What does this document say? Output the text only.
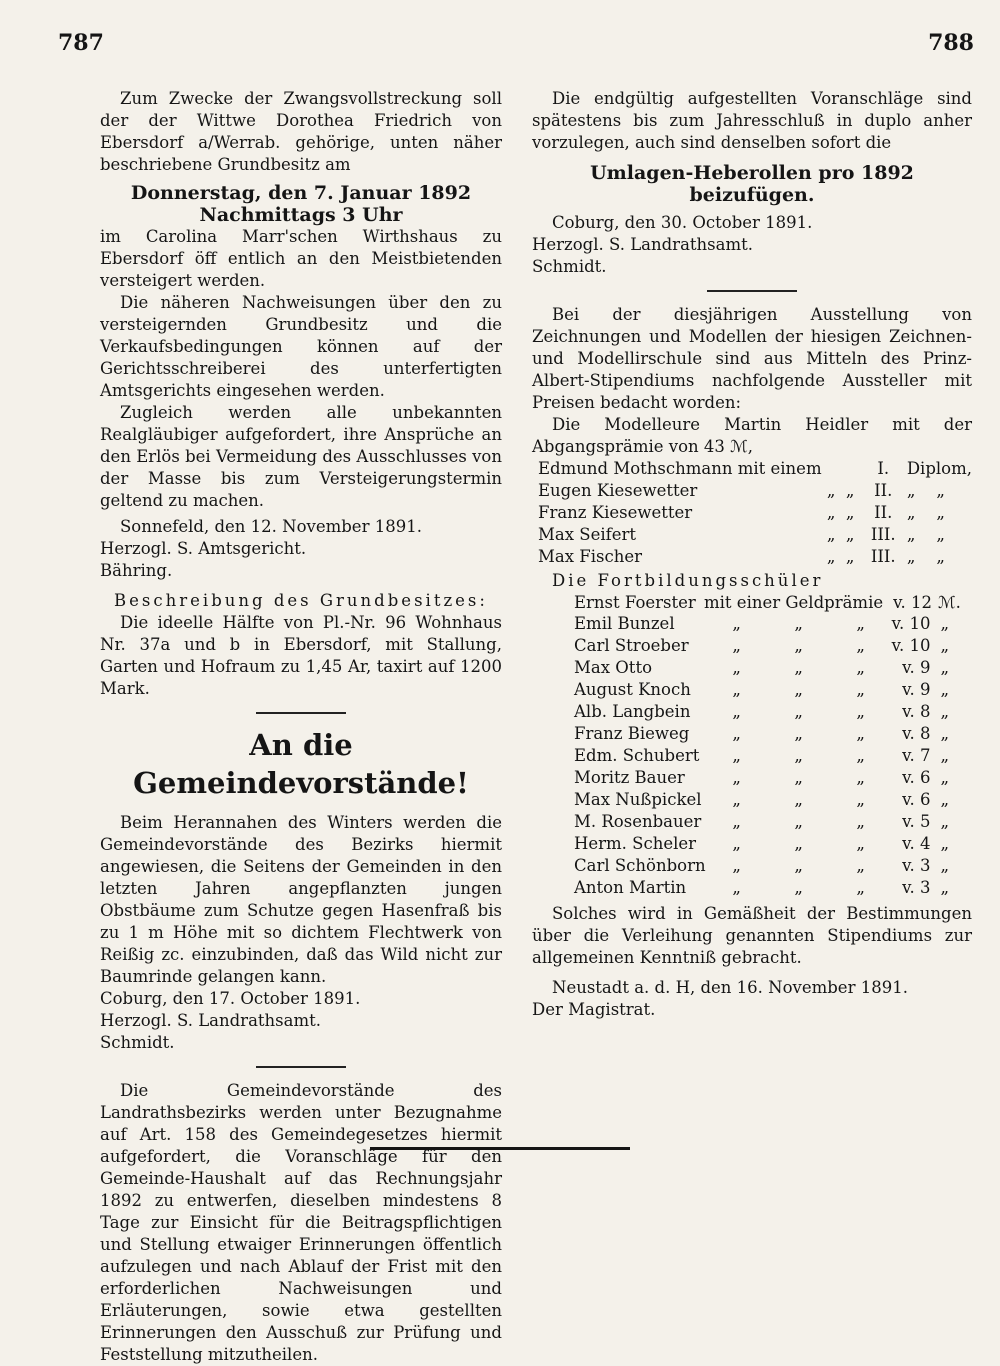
787	788

Zum Zwecke der Zwangsvollstreckung soll der der Wittwe Dorothea Friedrich von Ebersdorf a/Werrab. gehörige, unten näher beschriebene Grundbesitz am

Donnerstag, den 7. Januar 1892

Nachmittags 3 Uhr

im Carolina Marr'schen Wirthshaus zu Ebersdorf öff entlich an den Meistbietenden versteigert werden.

Die näheren Nachweisungen über den zu versteigernden Grundbesitz und die Verkaufsbedingungen können auf der Gerichtsschreiberei des unterfertigten Amtsgerichts eingesehen werden.

Zugleich werden alle unbekannten Realgläubiger aufgefordert, ihre Ansprüche an den Erlös bei Vermeidung des Ausschlusses von der Masse bis zum Versteigerungstermin geltend zu machen.

Sonnefeld, den 12. November 1891.

Herzogl. S. Amtsgericht.

Bähring.

Beschreibung des Grundbesitzes:

Die ideelle Hälfte von Pl.-Nr. 96 Wohnhaus Nr. 37a und b in Ebersdorf, mit Stallung, Garten und Hofraum zu 1,45 Ar, taxirt auf 1200 Mark.

An die Gemeindevorstände!

Beim Herannahen des Winters werden die Gemeindevorstände des Bezirks hiermit angewiesen, die Seitens der Gemeinden in den letzten Jahren angepflanzten jungen Obstbäume zum Schutze gegen Hasenfraß bis zu 1 m Höhe mit so dichtem Flechtwerk von Reißig zc. einzubinden, daß das Wild nicht zur Baumrinde gelangen kann.

Coburg, den 17. October 1891.

Herzogl. S. Landrathsamt.

Schmidt.

Die Gemeindevorstände des Landrathsbezirks werden unter Bezugnahme auf Art. 158 des Gemeindegesetzes hiermit aufgefordert, die Voranschläge für den Gemeinde-Haushalt auf das Rechnungsjahr 1892 zu entwerfen, dieselben mindestens 8 Tage zur Einsicht für die Beitragspflichtigen und Stellung etwaiger Erinnerungen öffentlich aufzulegen und nach Ablauf der Frist mit den erforderlichen Nachweisungen und Erläuterungen, sowie etwa gestellten Erinnerungen den Ausschuß zur Prüfung und Feststellung mitzutheilen.

Die endgültig aufgestellten Voranschläge sind spätestens bis zum Jahresschluß in duplo anher vorzulegen, auch sind denselben sofort die

Umlagen-Heberollen pro 1892 beizufügen.

Coburg, den 30. October 1891.

Herzogl. S. Landrathsamt.

Schmidt.

Bei der diesjährigen Ausstellung von Zeichnungen und Modellen der hiesigen Zeichnen- und Modellirschule sind aus Mitteln des Prinz-Albert-Stipendiums nachfolgende Aussteller mit Preisen bedacht worden:

Die Modelleure Martin Heidler mit der Abgangsprämie von 43 ℳ,

Edmund Mothschmann mit einem			I.	Diplom,
Eugen Kiesewetter	„	„	II.	„ „
Franz Kiesewetter	„	„	II.	„ „
Max Seifert	„	„	III.	„ „
Max Fischer	„	„	III.	„ „

Die Fortbildungsschüler

Ernst Foerster mit einer Geldprämie v. 12 ℳ.
Emil Bunzel	„	„	„	v. 10	„
Carl Stroeber	„	„	„	v. 10	„
Max Otto	„	„	„	v. 9	„
August Knoch	„	„	„	v. 9	„
Alb. Langbein	„	„	„	v. 8	„
Franz Bieweg	„	„	„	v. 8	„
Edm. Schubert	„	„	„	v. 7	„
Moritz Bauer	„	„	„	v. 6	„
Max Nußpickel	„	„	„	v. 6	„
M. Rosenbauer	„	„	„	v. 5	„
Herm. Scheler	„	„	„	v. 4	„
Carl Schönborn	„	„	„	v. 3	„
Anton Martin	„	„	„	v. 3	„

Solches wird in Gemäßheit der Bestimmungen über die Verleihung genannten Stipendiums zur allgemeinen Kenntniß gebracht.

Neustadt a. d. H, den 16. November 1891.

Der Magistrat.
